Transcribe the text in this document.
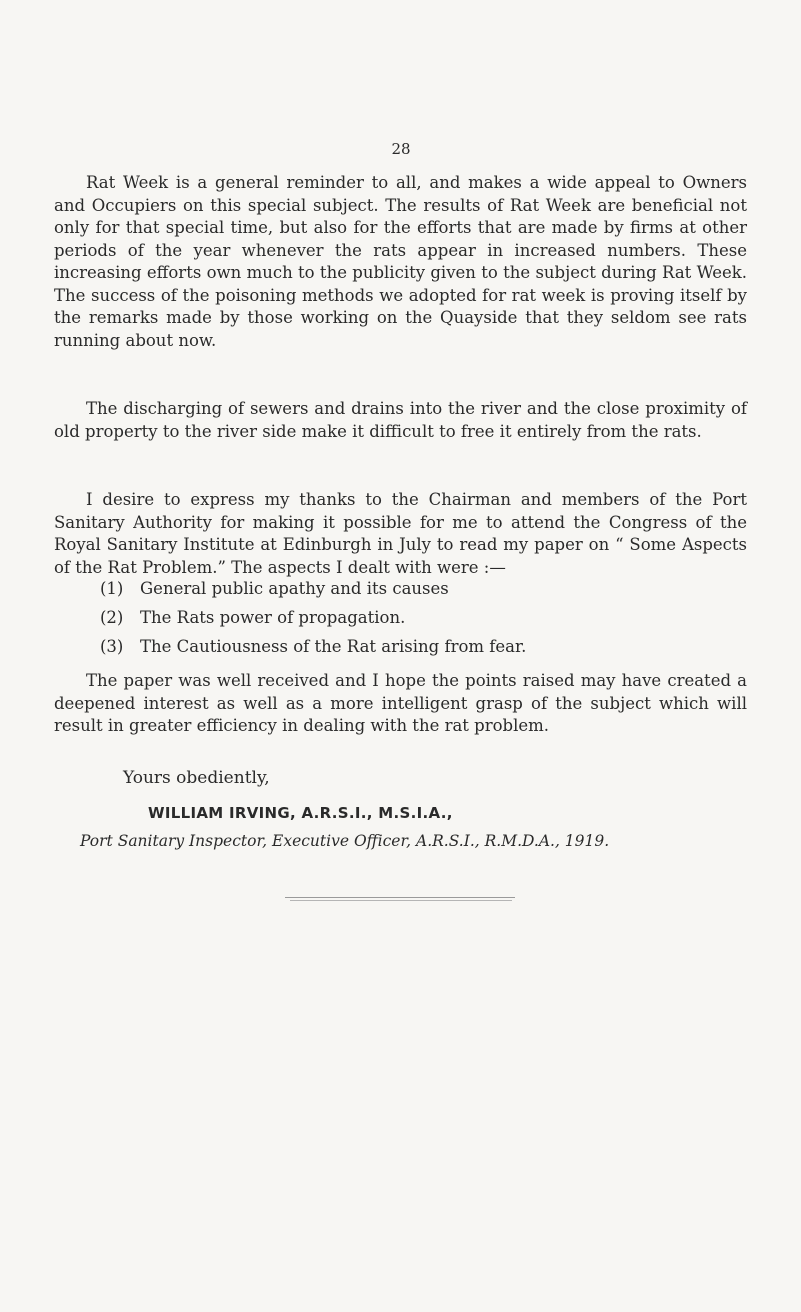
28

Rat Week is a general reminder to all, and makes a wide appeal to Owners and Occupiers on this special subject. The results of Rat Week are beneficial not only for that special time, but also for the efforts that are made by firms at other periods of the year whenever the rats appear in increased numbers. These increasing efforts own much to the publicity given to the subject during Rat Week. The success of the poisoning methods we adopted for rat week is proving itself by the remarks made by those working on the Quayside that they seldom see rats running about now.

The discharging of sewers and drains into the river and the close proximity of old property to the river side make it difficult to free it entirely from the rats.

I desire to express my thanks to the Chairman and members of the Port Sanitary Authority for making it possible for me to attend the Congress of the Royal Sanitary Institute at Edinburgh in July to read my paper on “ Some Aspects of the Rat Problem.” The aspects I dealt with were :—

(1)	General public apathy and its causes
(2)	The Rats power of propagation.
(3)	The Cautiousness of the Rat arising from fear.

The paper was well received and I hope the points raised may have created a deepened interest as well as a more intelligent grasp of the subject which will result in greater efficiency in dealing with the rat problem.

Yours obediently,
WILLIAM IRVING, A.R.S.I., M.S.I.A.,
Port Sanitary Inspector, Executive Officer, A.R.S.I., R.M.D.A., 1919.
